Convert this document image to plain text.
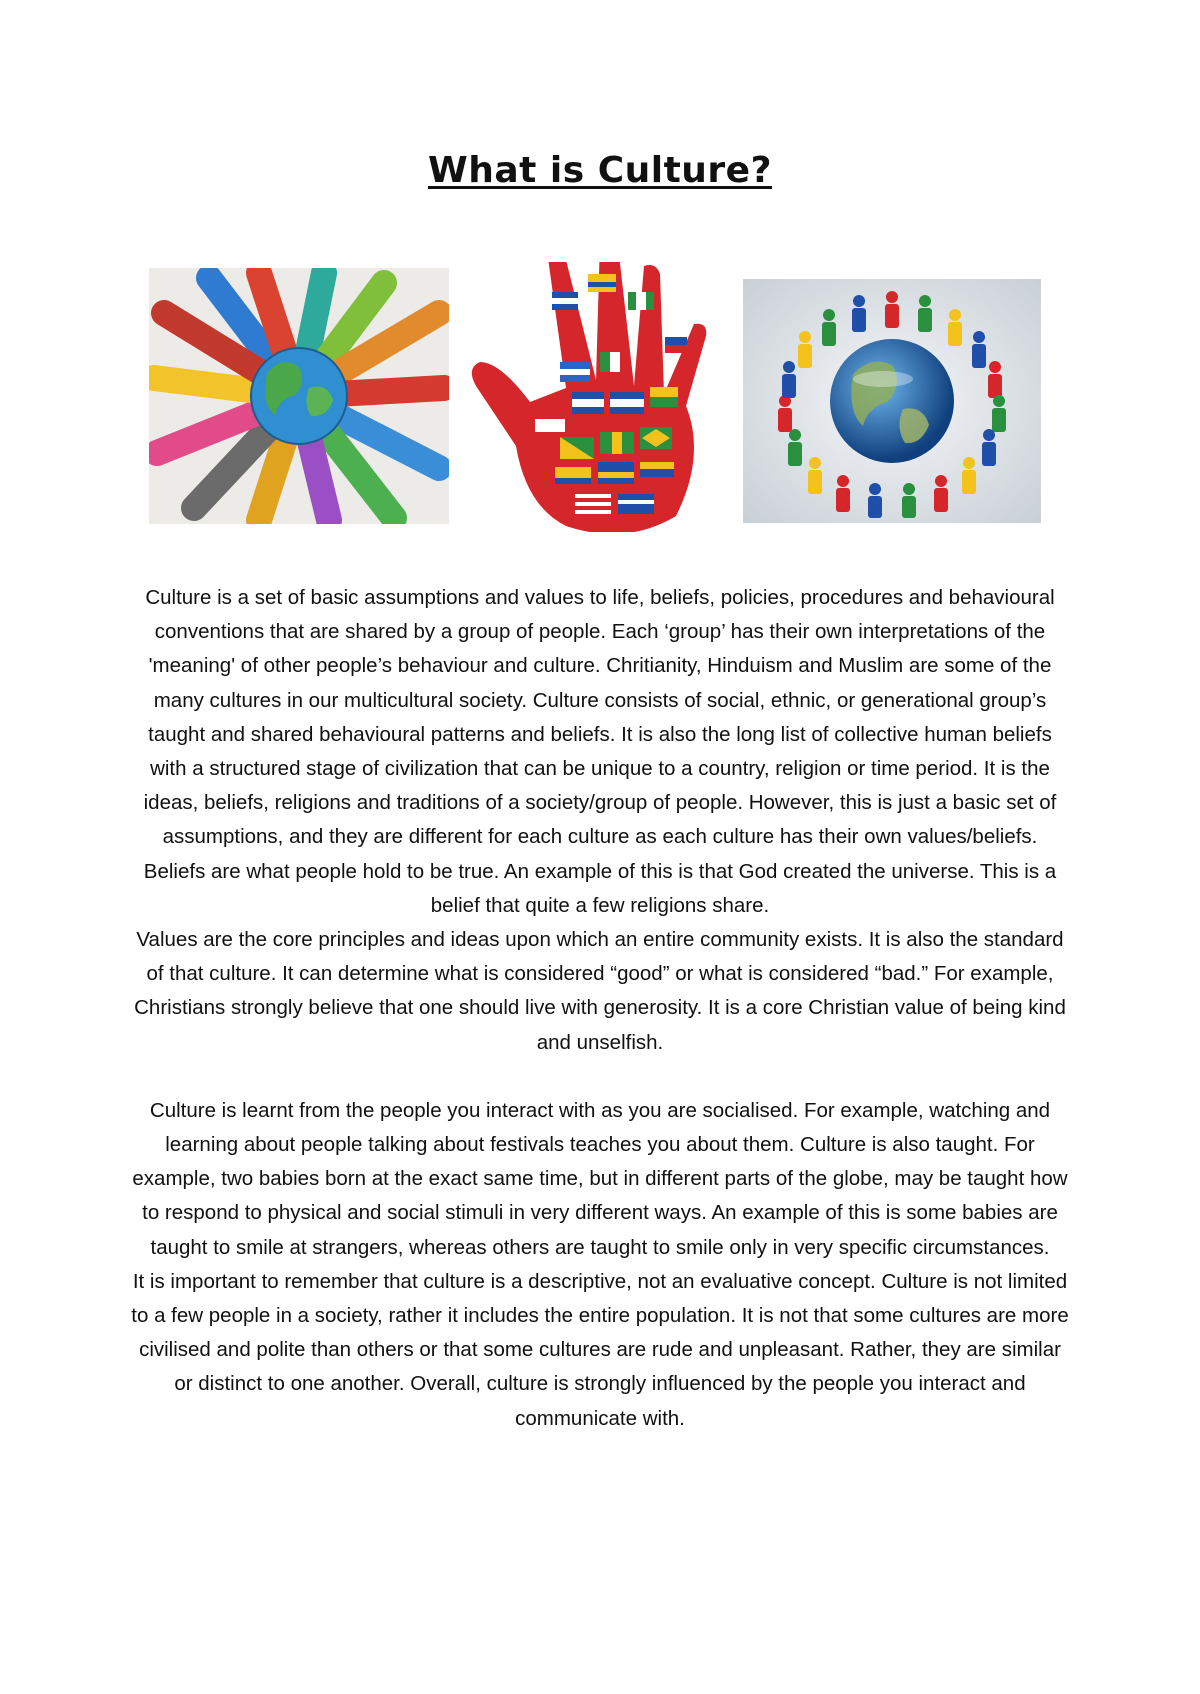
What is Culture?

Culture is a set of basic assumptions and values to life, beliefs, policies, procedures and behavioural conventions that are shared by a group of people. Each ‘group’ has their own interpretations of the 'meaning' of other people’s behaviour and culture. Chritianity, Hinduism and Muslim are some of the many cultures in our multicultural society. Culture consists of social, ethnic, or generational group’s taught and shared behavioural patterns and beliefs. It is also the long list of collective human beliefs with a structured stage of civilization that can be unique to a country, religion or time period. It is the ideas, beliefs, religions and traditions of a society/group of people. However, this is just a basic set of assumptions, and they are different for each culture as each culture has their own values/beliefs. Beliefs are what people hold to be true. An example of this is that God created the universe. This is a belief that quite a few religions share.

Values are the core principles and ideas upon which an entire community exists. It is also the standard of that culture. It can determine what is considered “good” or what is considered “bad.” For example, Christians strongly believe that one should live with generosity. It is a core Christian value of being kind and unselfish.

Culture is learnt from the people you interact with as you are socialised. For example, watching and learning about people talking about festivals teaches you about them. Culture is also taught. For example, two babies born at the exact same time, but in different parts of the globe, may be taught how to respond to physical and social stimuli in very different ways. An example of this is some babies are taught to smile at strangers, whereas others are taught to smile only in very specific circumstances.

It is important to remember that culture is a descriptive, not an evaluative concept. Culture is not limited to a few people in a society, rather it includes the entire population. It is not that some cultures are more civilised and polite than others or that some cultures are rude and unpleasant. Rather, they are similar or distinct to one another. Overall, culture is strongly influenced by the people you interact and communicate with.
